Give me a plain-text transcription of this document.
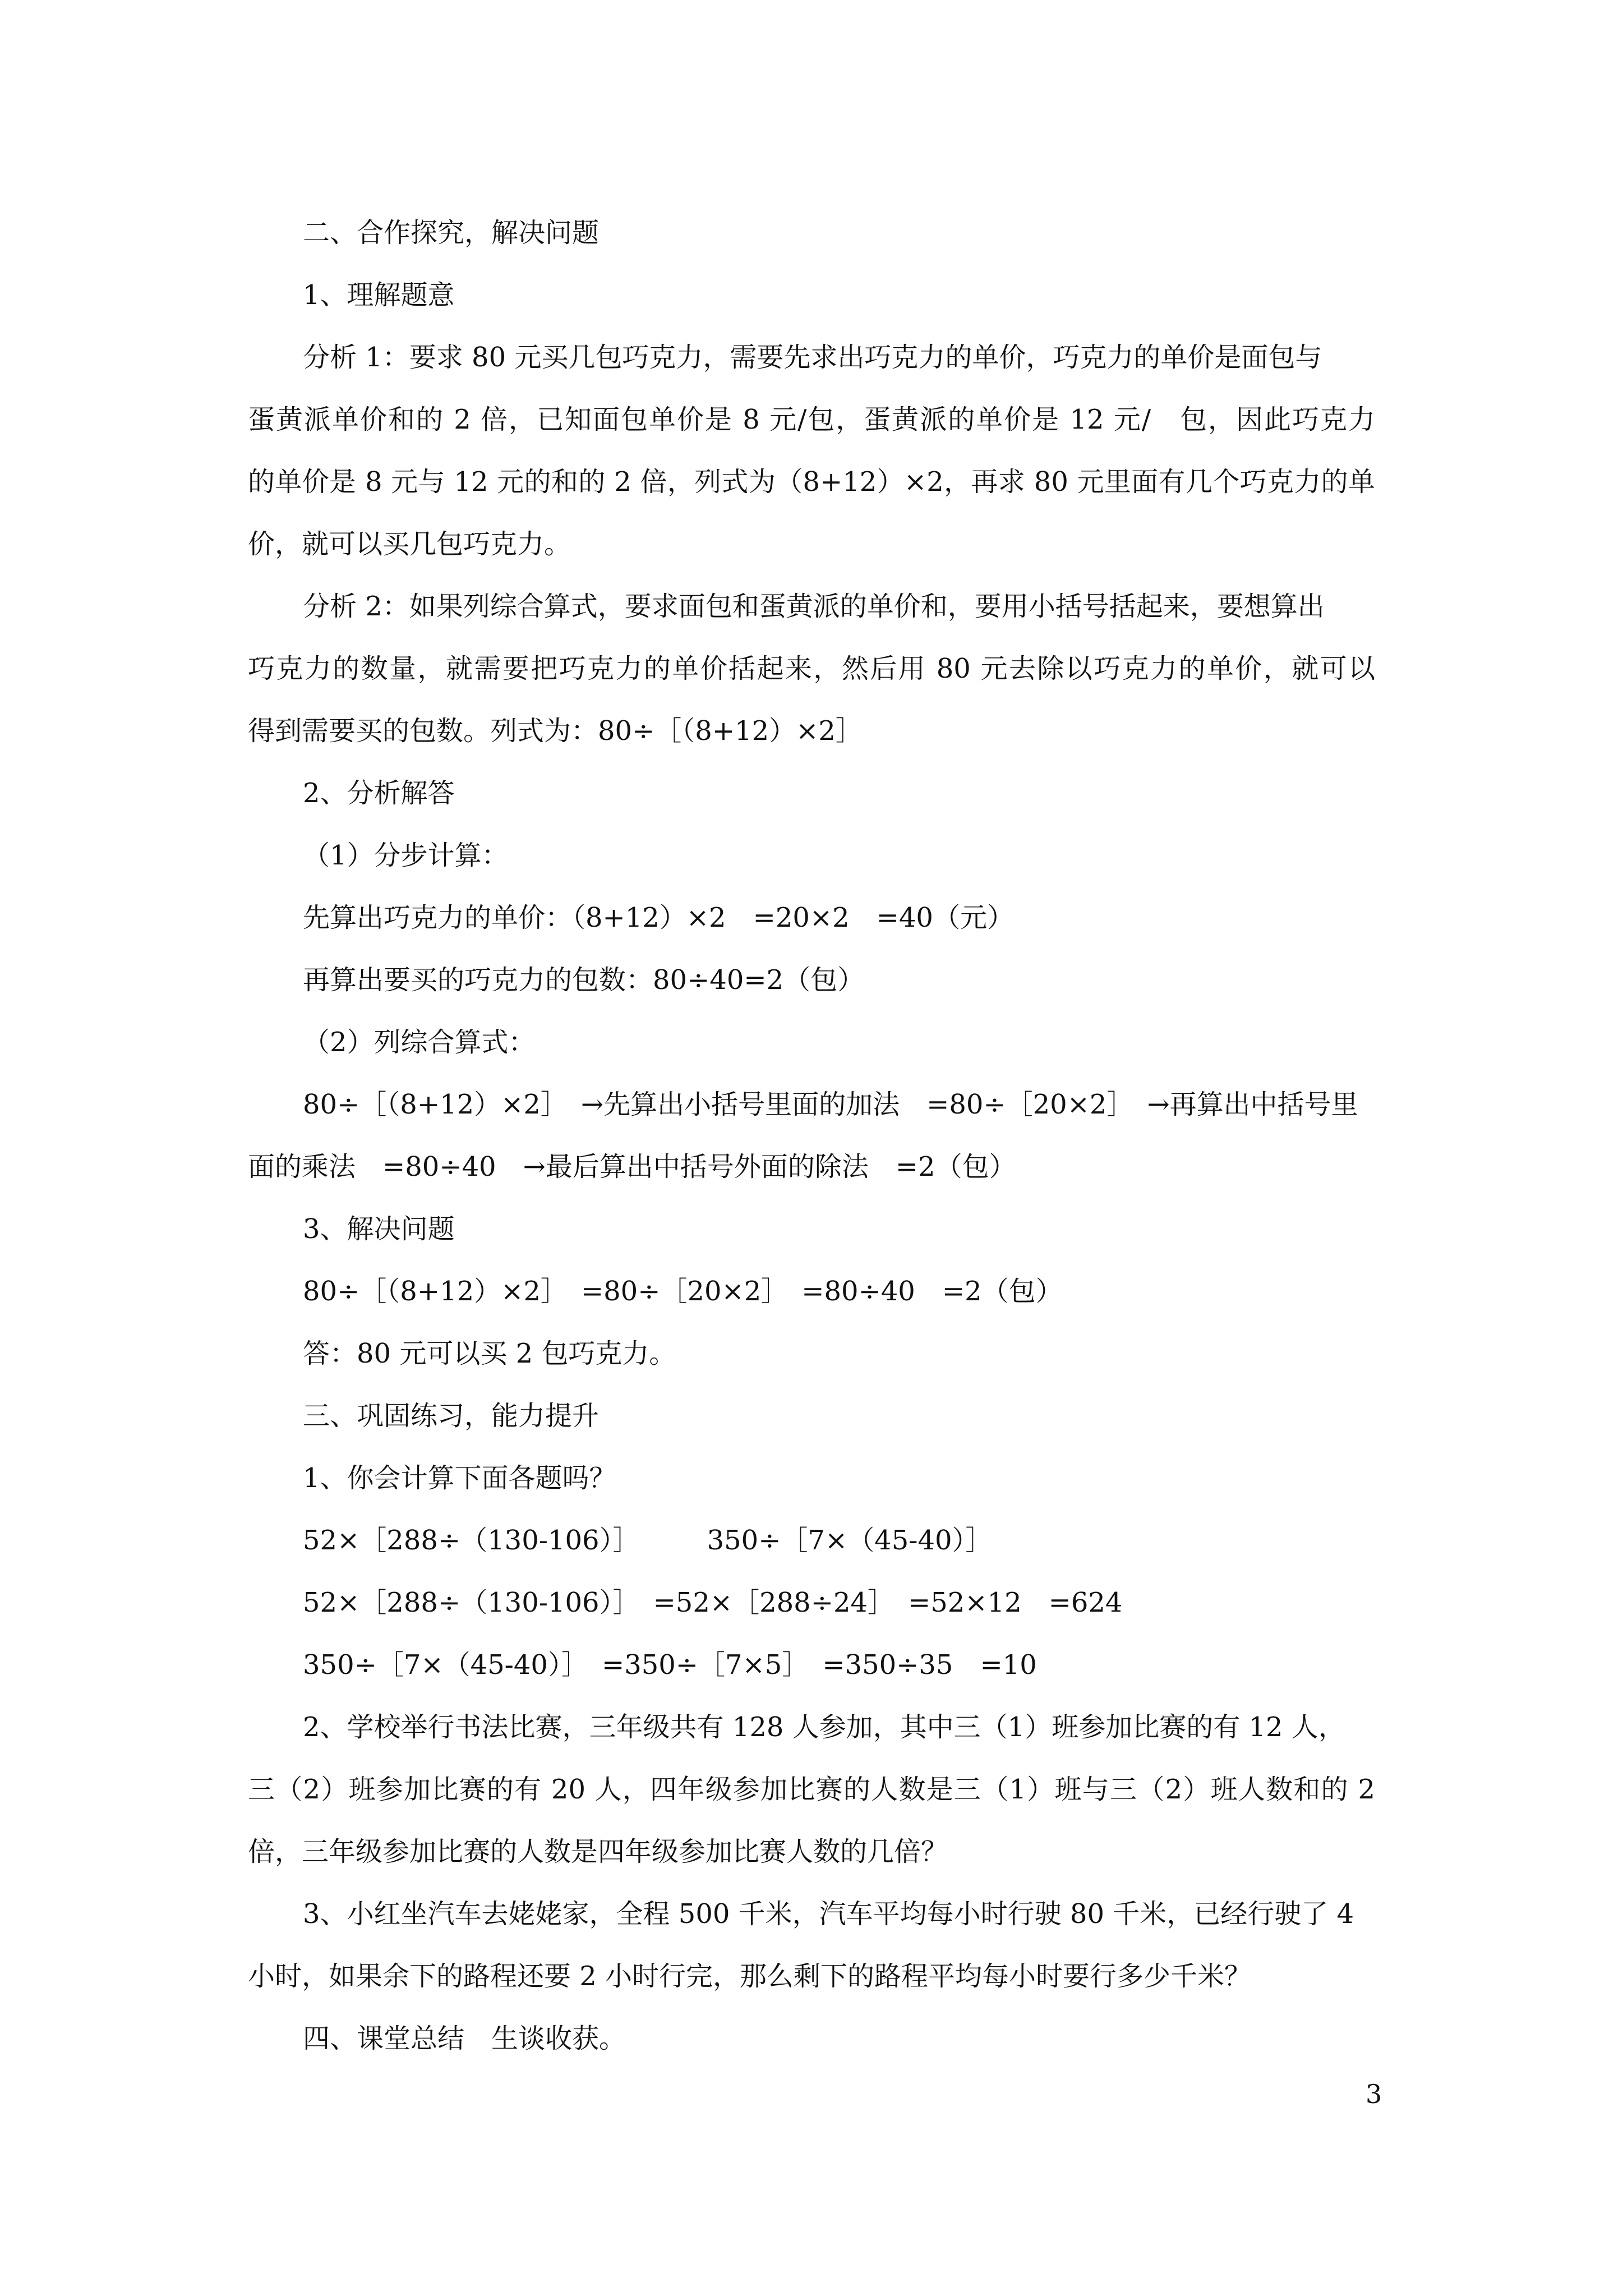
二、合作探究，解决问题
1、理解题意
分析 1：要求 80 元买几包巧克力，需要先求出巧克力的单价，巧克力的单价是面包与
蛋黄派单价和的 2 倍，已知面包单价是 8 元/包，蛋黄派的单价是 12 元/　包，因此巧克力
的单价是 8 元与 12 元的和的 2 倍，列式为（8+12）×2，再求 80 元里面有几个巧克力的单
价，就可以买几包巧克力。
分析 2：如果列综合算式，要求面包和蛋黄派的单价和，要用小括号括起来，要想算出
巧克力的数量，就需要把巧克力的单价括起来，然后用 80 元去除以巧克力的单价，就可以
得到需要买的包数。列式为：80÷［（8+12）×2］
2、分析解答
（1）分步计算：
先算出巧克力的单价：（8+12）×2　=20×2　=40（元）
再算出要买的巧克力的包数：80÷40=2（包）
（2）列综合算式：
80÷［（8+12）×2］　→先算出小括号里面的加法　=80÷［20×2］　→再算出中括号里
面的乘法　=80÷40　→最后算出中括号外面的除法　=2（包）
3、解决问题
80÷［（8+12）×2］　=80÷［20×2］　=80÷40　=2（包）
答：80 元可以买 2 包巧克力。
三、巩固练习，能力提升
1、你会计算下面各题吗？
52×［288÷（130-106）］　　　350÷［7×（45-40）］
52×［288÷（130-106）］　=52×［288÷24］　=52×12　=624
350÷［7×（45-40）］　=350÷［7×5］　=350÷35　=10
2、学校举行书法比赛，三年级共有 128 人参加，其中三（1）班参加比赛的有 12 人，
三（2）班参加比赛的有 20 人，四年级参加比赛的人数是三（1）班与三（2）班人数和的 2
倍，三年级参加比赛的人数是四年级参加比赛人数的几倍？
3、小红坐汽车去姥姥家，全程 500 千米，汽车平均每小时行驶 80 千米，已经行驶了 4
小时，如果余下的路程还要 2 小时行完，那么剩下的路程平均每小时要行多少千米？
四、课堂总结　生谈收获。
3
